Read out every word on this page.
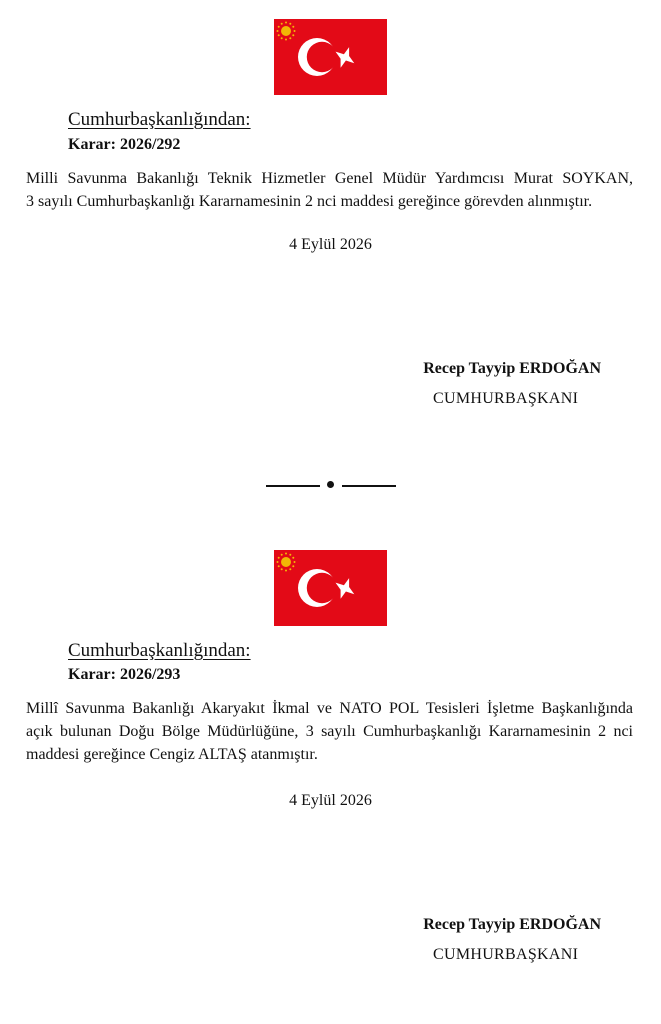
Cumhurbaşkanlığından:
Karar: 2026/292
Milli Savunma Bakanlığı Teknik Hizmetler Genel Müdür Yardımcısı Murat SOYKAN,
3 sayılı Cumhurbaşkanlığı Kararnamesinin 2 nci maddesi gereğince görevden alınmıştır.
4 Eylül 2026
Recep Tayyip ERDOĞAN
CUMHURBAŞKANI
Cumhurbaşkanlığından:
Karar: 2026/293
Millî Savunma Bakanlığı Akaryakıt İkmal ve NATO POL Tesisleri İşletme Başkanlığında
açık bulunan Doğu Bölge Müdürlüğüne, 3 sayılı Cumhurbaşkanlığı Kararnamesinin 2 nci
maddesi gereğince Cengiz ALTAŞ atanmıştır.
4 Eylül 2026
Recep Tayyip ERDOĞAN
CUMHURBAŞKANI
